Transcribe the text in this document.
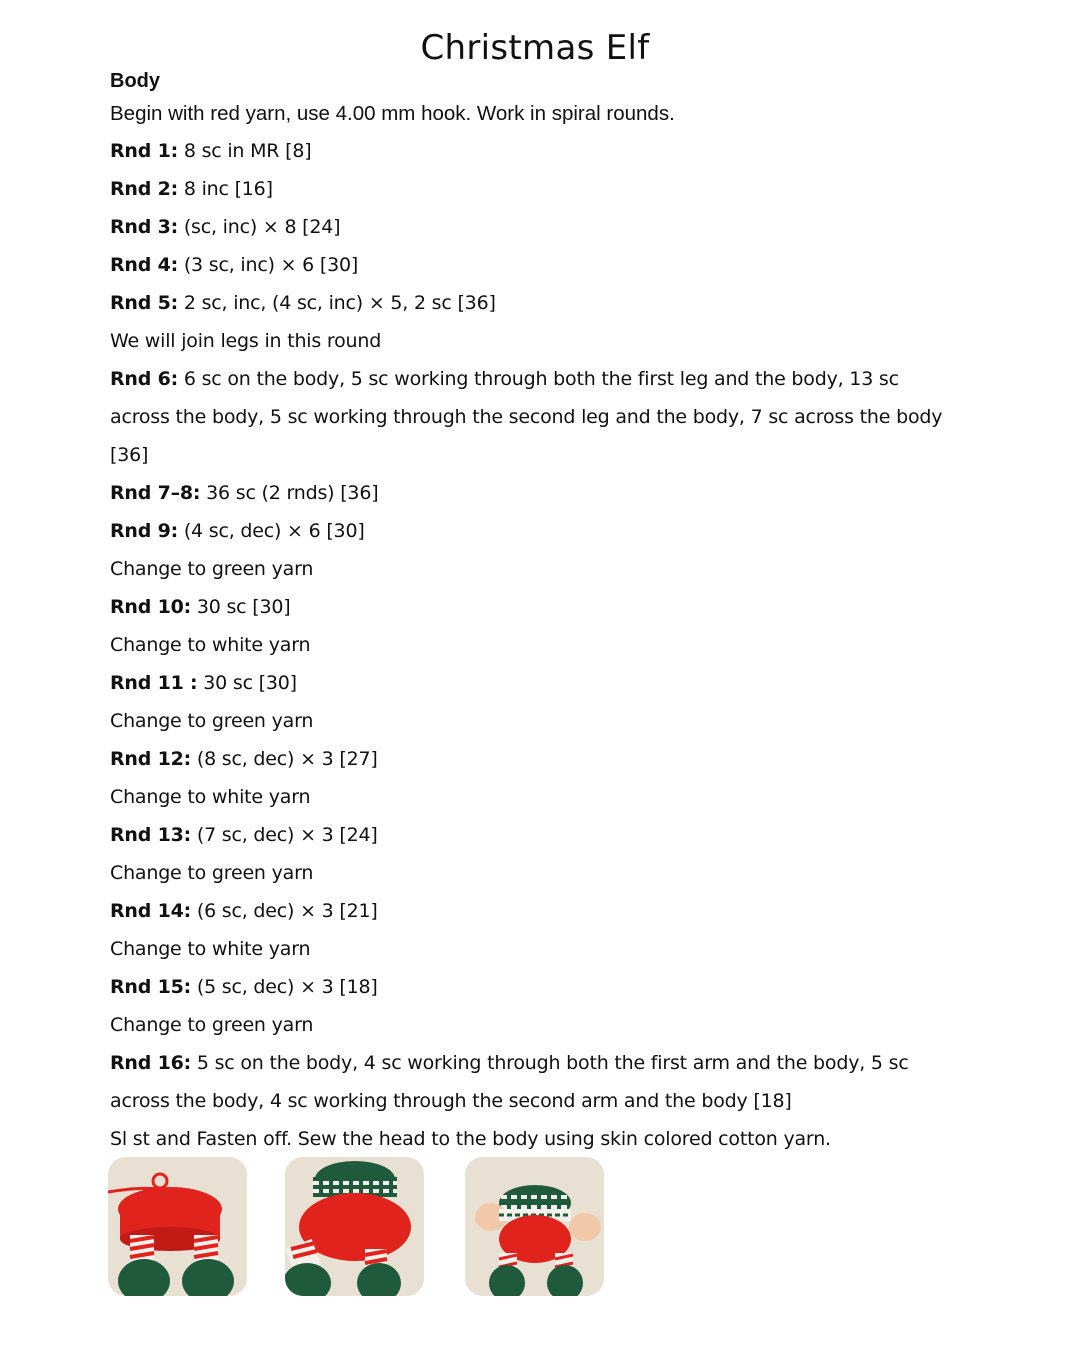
Christmas Elf
Body
Begin with red yarn, use 4.00 mm hook. Work in spiral rounds.
Rnd 1: 8 sc in MR [8]
Rnd 2: 8 inc [16]
Rnd 3: (sc, inc) × 8 [24]
Rnd 4: (3 sc, inc) × 6 [30]
Rnd 5: 2 sc, inc, (4 sc, inc) × 5, 2 sc [36]
We will join legs in this round
Rnd 6: 6 sc on the body, 5 sc working through both the first leg and the body, 13 sc across the body, 5 sc working through the second leg and the body, 7 sc across the body [36]
Rnd 7–8: 36 sc (2 rnds) [36]
Rnd 9: (4 sc, dec) × 6 [30]
Change to green yarn
Rnd 10: 30 sc [30]
Change to white yarn
Rnd 11 : 30 sc [30]
Change to green yarn
Rnd 12: (8 sc, dec) × 3 [27]
Change to white yarn
Rnd 13: (7 sc, dec) × 3 [24]
Change to green yarn
Rnd 14: (6 sc, dec) × 3 [21]
Change to white yarn
Rnd 15: (5 sc, dec) × 3 [18]
Change to green yarn
Rnd 16: 5 sc on the body, 4 sc working through both the first arm and the body, 5 sc across the body, 4 sc working through the second arm and the body [18]
Sl st and Fasten off. Sew the head to the body using skin colored cotton yarn.
